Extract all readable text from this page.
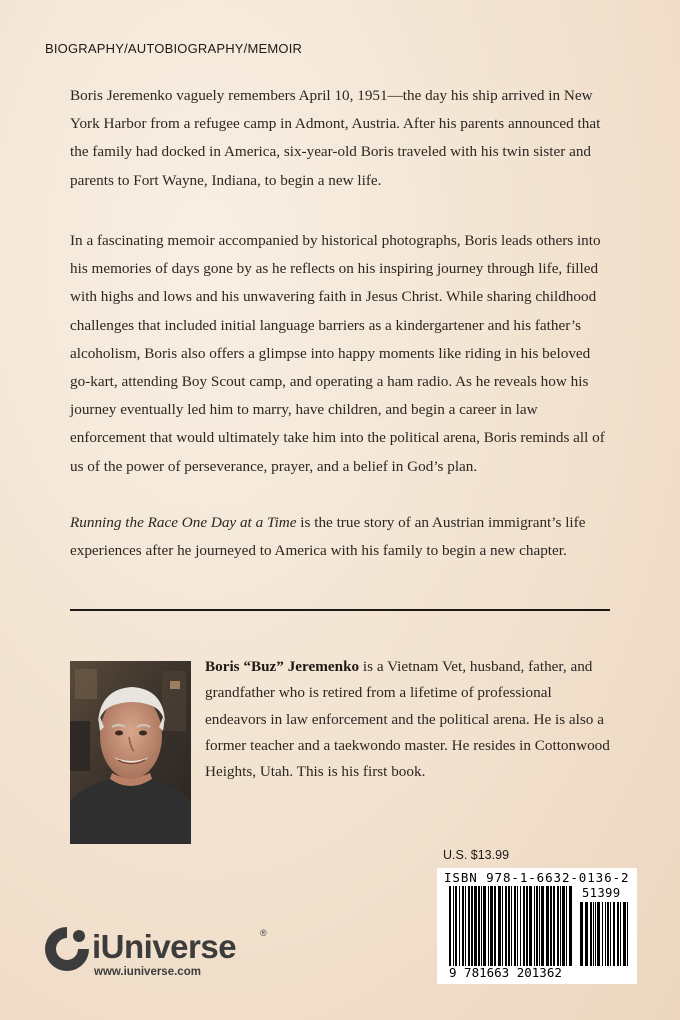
BIOGRAPHY/AUTOBIOGRAPHY/MEMOIR

Boris Jeremenko vaguely remembers April 10, 1951—the day his ship arrived in New York Harbor from a refugee camp in Admont, Austria. After his parents announced that the family had docked in America, six-year-old Boris traveled with his twin sister and parents to Fort Wayne, Indiana, to begin a new life.

In a fascinating memoir accompanied by historical photographs, Boris leads others into his memories of days gone by as he reflects on his inspiring journey through life, filled with highs and lows and his unwavering faith in Jesus Christ. While sharing childhood challenges that included initial language barriers as a kindergartener and his father’s alcoholism, Boris also offers a glimpse into happy moments like riding in his beloved go-kart, attending Boy Scout camp, and operating a ham radio. As he reveals how his journey eventually led him to marry, have children, and begin a career in law enforcement that would ultimately take him into the political arena, Boris reminds all of us of the power of perseverance, prayer, and a belief in God’s plan.

Running the Race One Day at a Time is the true story of an Austrian immigrant’s life experiences after he journeyed to America with his family to begin a new chapter.

Boris “Buz” Jeremenko is a Vietnam Vet, husband, father, and grandfather who is retired from a lifetime of professional endeavors in law enforcement and the political arena. He is also a former teacher and a taekwondo master. He resides in Cottonwood Heights, Utah. This is his first book.

U.S. $13.99
ISBN 978-1-6632-0136-2
51399
9 781663 201362
iUniverse	®
www.iuniverse.com
